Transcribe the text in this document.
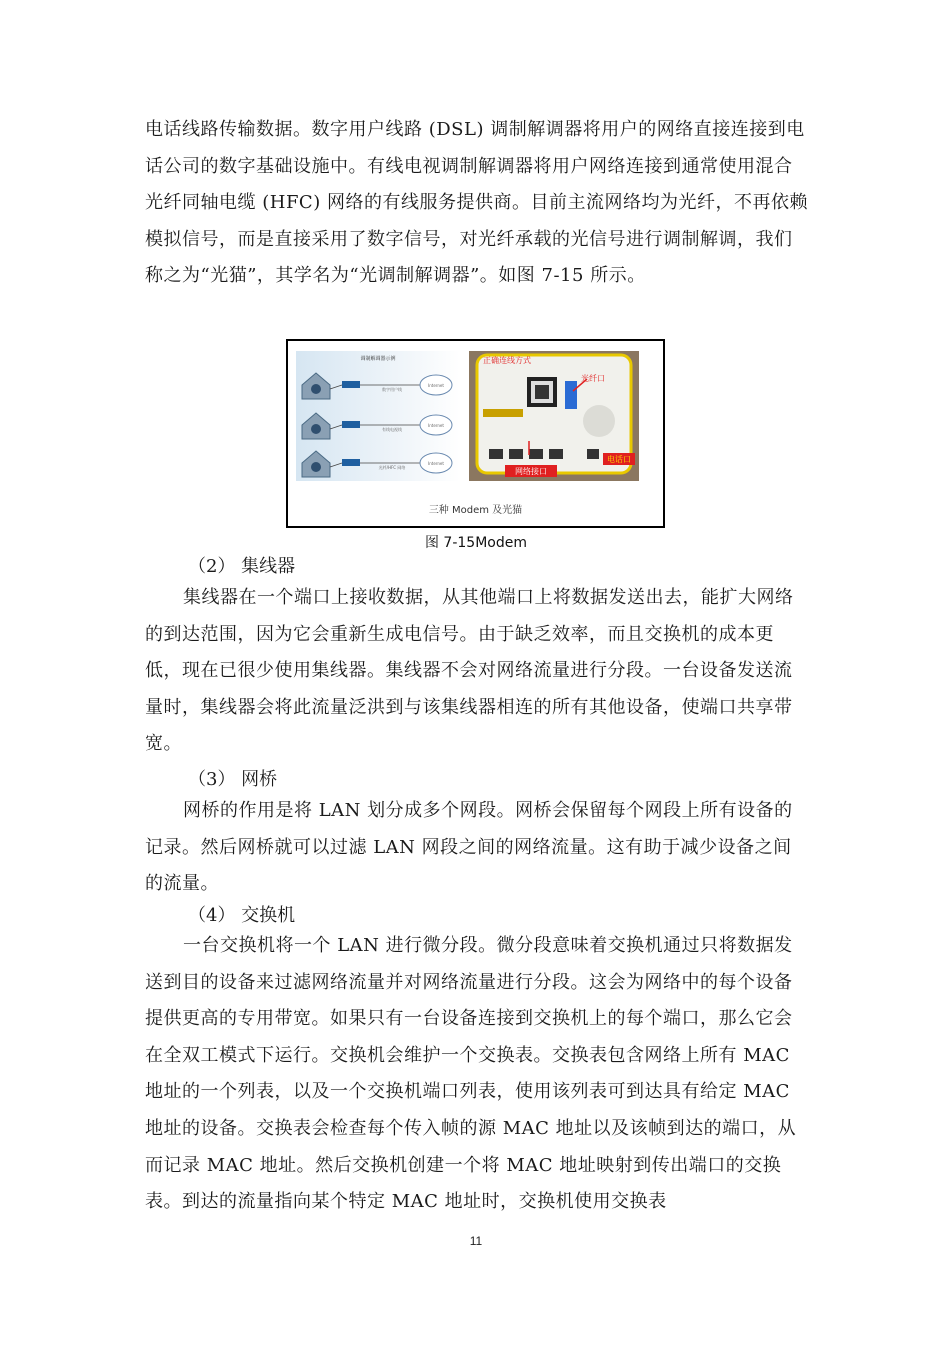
电话线路传输数据。数字用户线路 (DSL) 调制解调器将用户的网络直接连接到电话公司的数字基础设施中。有线电视调制解调器将用户网络连接到通常使用混合光纤同轴电缆 (HFC) 网络的有线服务提供商。目前主流网络均为光纤，不再依赖模拟信号，而是直接采用了数字信号，对光纤承载的光信号进行调制解调，我们称之为“光猫”，其学名为“光调制解调器”。如图 7-15 所示。

调制解调器示例
数字用户线
Internet
有线电视线
Internet
光纤/HFC 网络
Internet
正确连线方式
光纤口
网络接口
电话口
三种 Modem 及光猫
图 7-15Modem

（2） 集线器

集线器在一个端口上接收数据，从其他端口上将数据发送出去，能扩大网络的到达范围，因为它会重新生成电信号。由于缺乏效率，而且交换机的成本更低，现在已很少使用集线器。集线器不会对网络流量进行分段。一台设备发送流量时，集线器会将此流量泛洪到与该集线器相连的所有其他设备，使端口共享带宽。

（3） 网桥

网桥的作用是将 LAN 划分成多个网段。网桥会保留每个网段上所有设备的记录。然后网桥就可以过滤 LAN 网段之间的网络流量。这有助于减少设备之间的流量。

（4） 交换机

一台交换机将一个 LAN 进行微分段。微分段意味着交换机通过只将数据发送到目的设备来过滤网络流量并对网络流量进行分段。这会为网络中的每个设备提供更高的专用带宽。如果只有一台设备连接到交换机上的每个端口，那么它会在全双工模式下运行。交换机会维护一个交换表。交换表包含网络上所有 MAC 地址的一个列表，以及一个交换机端口列表，使用该列表可到达具有给定 MAC 地址的设备。交换表会检查每个传入帧的源 MAC 地址以及该帧到达的端口，从而记录 MAC 地址。然后交换机创建一个将 MAC 地址映射到传出端口的交换表。到达的流量指向某个特定 MAC 地址时，交换机使用交换表

11
